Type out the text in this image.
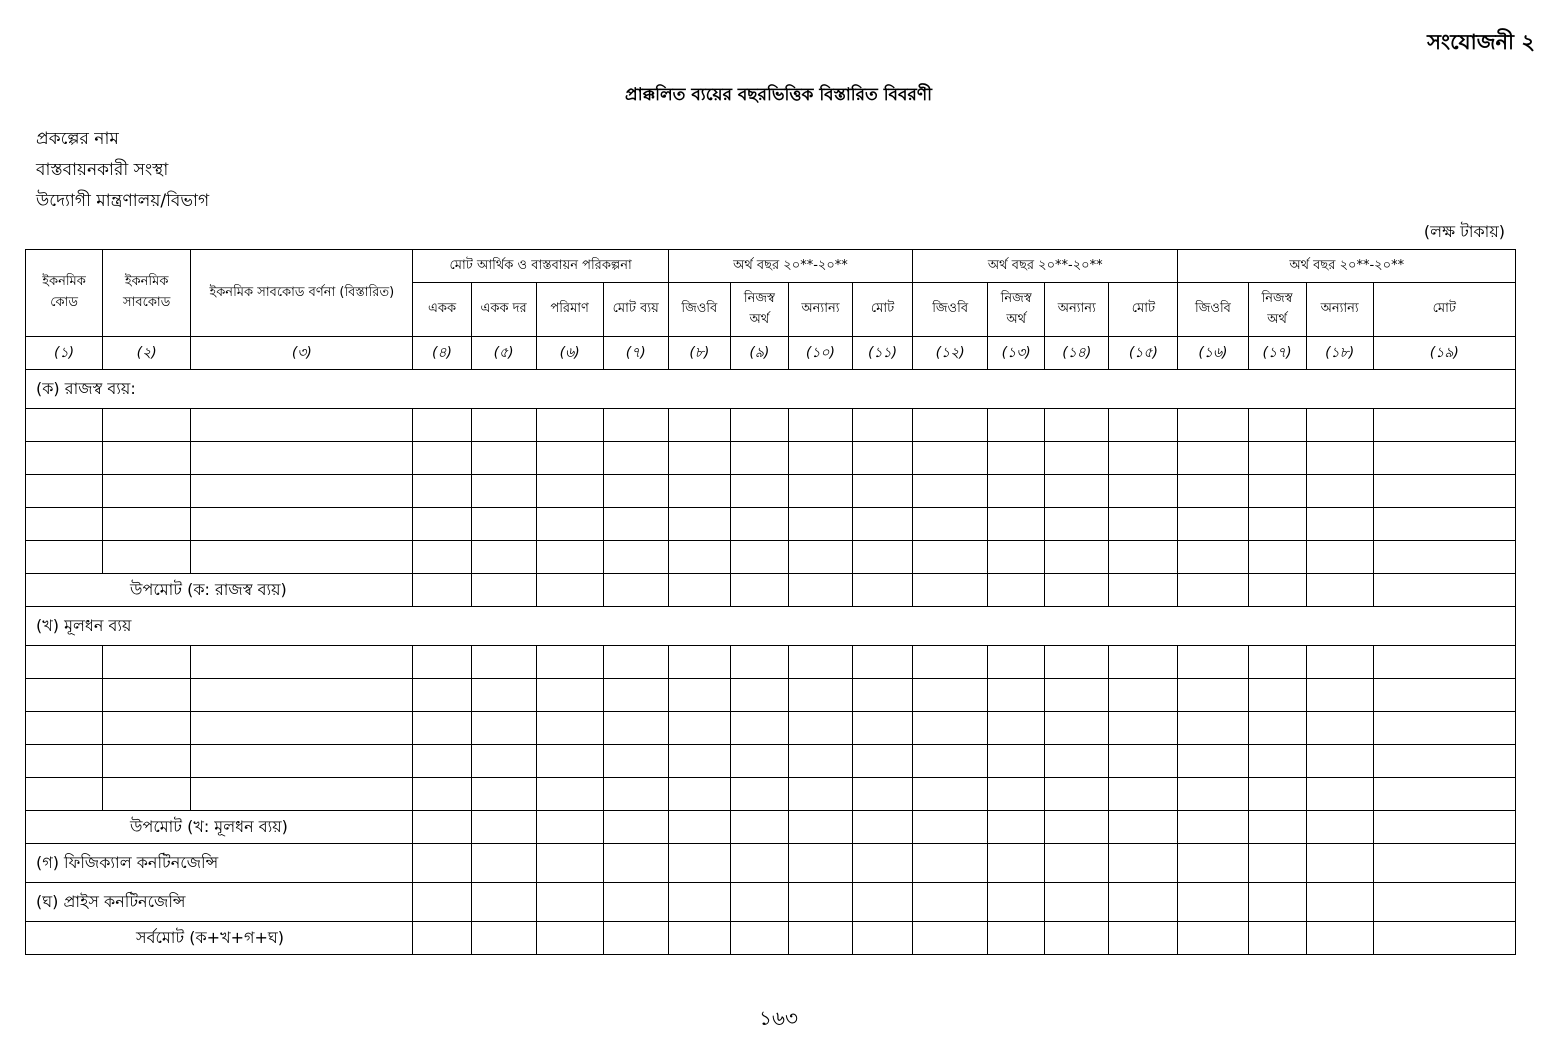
সংযোজনী ২
প্রাক্কলিত ব্যয়ের বছরভিত্তিক বিস্তারিত বিবরণী
প্রকল্পের নাম
বাস্তবায়নকারী সংস্থা
উদ্যোগী মান্ত্রণালয়/বিভাগ
(লক্ষ টাকায়)
ইকনমিক কোড	ইকনমিক সাবকোড	ইকনমিক সাবকোড বর্ণনা (বিস্তারিত)	মোট আর্থিক ও বাস্তবায়ন পরিকল্পনা				অর্থ বছর ২০**-২০**				অর্থ বছর ২০**-২০**				অর্থ বছর ২০**-২০**			
			একক	একক দর	পরিমাণ	মোট ব্যয়	জিওবি	নিজস্ব অর্থ	অন্যান্য	মোট	জিওবি	নিজস্ব অর্থ	অন্যান্য	মোট	জিওবি	নিজস্ব অর্থ	অন্যান্য	মোট
(১)	(২)	(৩)	(৪)	(৫)	(৬)	(৭)	(৮)	(৯)	(১০)	(১১)	(১২)	(১৩)	(১৪)	(১৫)	(১৬)	(১৭)	(১৮)	(১৯)
(ক) রাজস্ব ব্যয়:																		

উপমোট (ক: রাজস্ব ব্যয়)																		
(খ) মূলধন ব্যয়																		

উপমোট (খ: মূলধন ব্যয়)																		
(গ) ফিজিক্যাল কনটিনজেন্সি																		
(ঘ) প্রাইস কনটিনজেন্সি																		
সর্বমোট (ক+খ+গ+ঘ)																		
১৬৩
